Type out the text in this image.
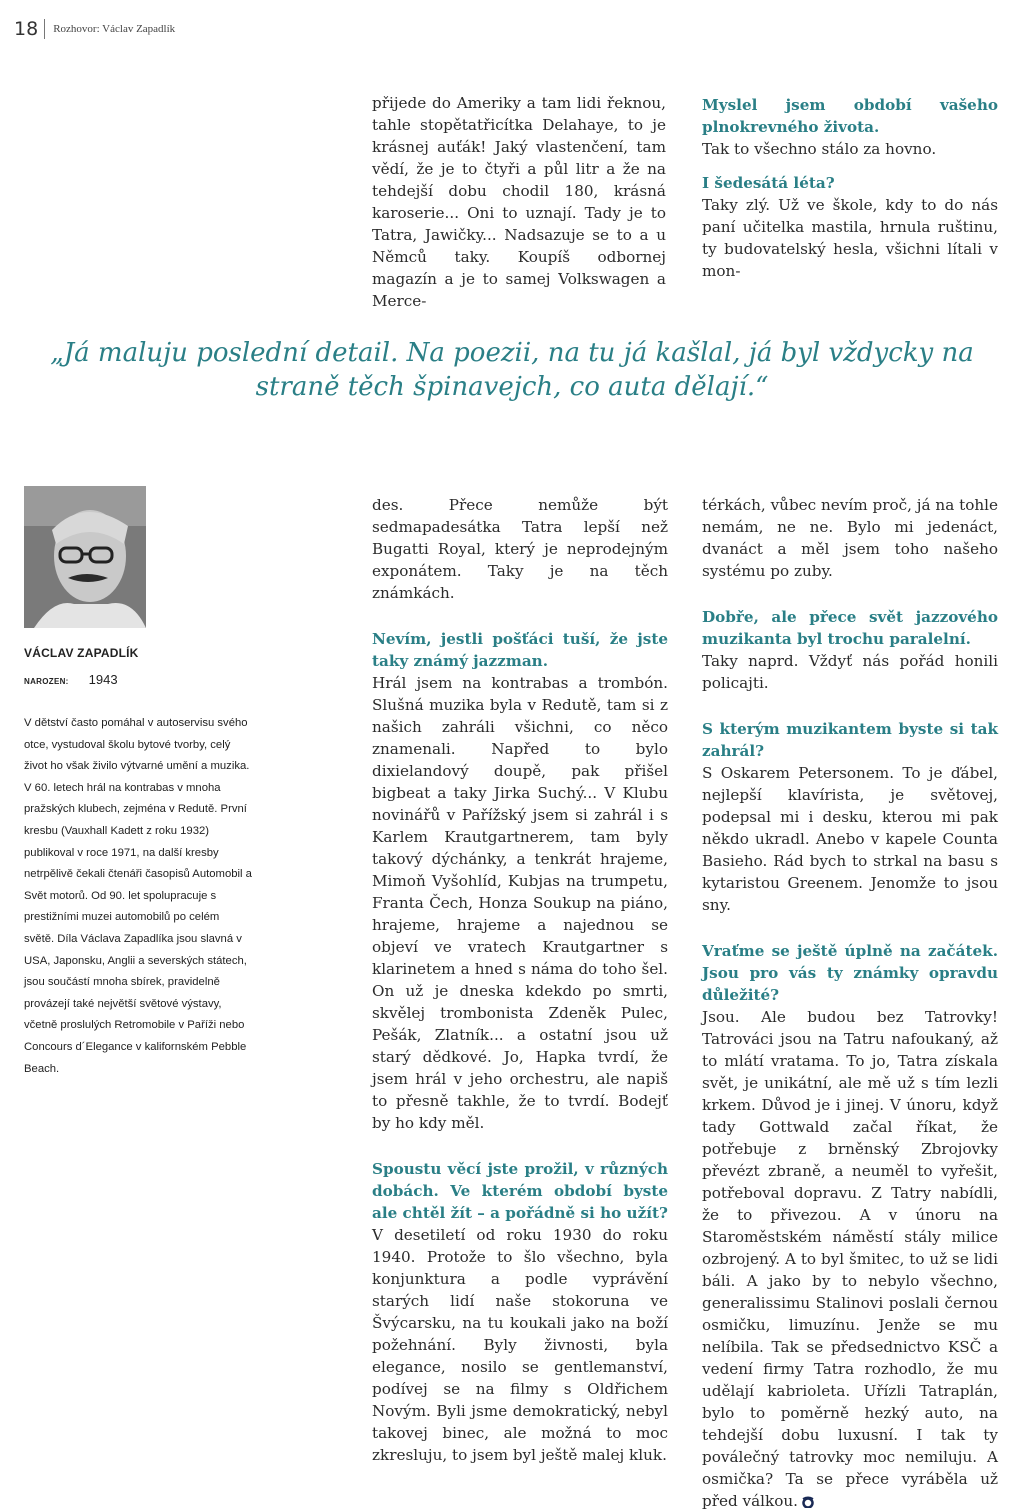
18 Rozhovor: Václav Zapadlík

přijede do Ameriky a tam lidi řeknou, tahle stopětatřicítka Delahaye, to je krásnej auťák! Jaký vlastenčení, tam vědí, že je to čtyři a půl litr a že na tehdejší dobu chodil 180, krásná karoserie... Oni to uznají. Tady je to Tatra, Jawičky... Nadsazuje se to a u Němců taky. Koupíš odbornej magazín a je to samej Volkswagen a Merce-

Myslel jsem období vašeho plnokrevného života.
Tak to všechno stálo za hovno.

I šedesátá léta?
Taky zlý. Už ve škole, kdy to do nás paní učitelka mastila, hrnula ruštinu, ty budovatelský hesla, všichni lítali v mon-

„Já maluju poslední detail. Na poezii, na tu já kašlal, já byl vždycky na straně těch špinavejch, co auta dělají.“
VÁCLAV ZAPADLÍK
NAROZEN: 1943
V dětství často pomáhal v autoservisu svého otce, vystudoval školu bytové tvorby, celý život ho však živilo výtvarné umění a muzika. V 60. letech hrál na kontrabas v mnoha pražských klubech, zejména v Redutě. První kresbu (Vauxhall Kadett z roku 1932) publikoval v roce 1971, na další kresby netrpělivě čekali čtenáři časopisů Automobil a Svět motorů. Od 90. let spolupracuje s prestižními muzei automobilů po celém světě. Díla Václava Zapadlíka jsou slavná v USA, Japonsku, Anglii a severských státech, jsou součástí mnoha sbírek, pravidelně provázejí také největší světové výstavy, včetně proslulých Retromobile v Paříži nebo Concours d´Elegance v kalifornském Pebble Beach.

des. Přece nemůže být sedmapadesátka Tatra lepší než Bugatti Royal, který je neprodejným exponátem. Taky je na těch známkách.

Nevím, jestli pošťáci tuší, že jste taky známý jazzman.
Hrál jsem na kontrabas a trombón. Slušná muzika byla v Redutě, tam si z našich zahráli všichni, co něco znamenali. Napřed to bylo dixielandový doupě, pak přišel bigbeat a taky Jirka Suchý... V Klubu novinářů v Pařížský jsem si zahrál i s Karlem Krautgartnerem, tam byly takový dýchánky, a tenkrát hrajeme, Mimoň Vyšohlíd, Kubjas na trumpetu, Franta Čech, Honza Soukup na piáno, hrajeme, hrajeme a najednou se objeví ve vratech Krautgartner s klarinetem a hned s náma do toho šel. On už je dneska kdekdo po smrti, skvělej trombonista Zdeněk Pulec, Pešák, Zlatník... a ostatní jsou už starý dědkové. Jo, Hapka tvrdí, že jsem hrál v jeho orchestru, ale napiš to přesně takhle, že to tvrdí. Bodejť by ho kdy měl.

Spoustu věcí jste prožil, v různých dobách. Ve kterém období byste ale chtěl žít – a pořádně si ho užít?
V desetiletí od roku 1930 do roku 1940. Protože to šlo všechno, byla konjunktura a podle vyprávění starých lidí naše stokoruna ve Švýcarsku, na tu koukali jako na boží požehnání. Byly živnosti, byla elegance, nosilo se gentlemanství, podívej se na filmy s Oldřichem Novým. Byli jsme demokratický, nebyl takovej binec, ale možná to moc zkresluju, to jsem byl ještě malej kluk.

térkách, vůbec nevím proč, já na tohle nemám, ne ne. Bylo mi jedenáct, dvanáct a měl jsem toho našeho systému po zuby.

Dobře, ale přece svět jazzového muzikanta byl trochu paralelní.
Taky naprd. Vždyť nás pořád honili policajti.

S kterým muzikantem byste si tak zahrál?
S Oskarem Petersonem. To je ďábel, nejlepší klavírista, je světovej, podepsal mi i desku, kterou mi pak někdo ukradl. Anebo v kapele Counta Basieho. Rád bych to strkal na basu s kytaristou Greenem. Jenomže to jsou sny.

Vraťme se ještě úplně na začátek. Jsou pro vás ty známky opravdu důležité?
Jsou. Ale budou bez Tatrovky! Tatrováci jsou na Tatru nafoukaný, až to mlátí vratama. To jo, Tatra získala svět, je unikátní, ale mě už s tím lezli krkem. Důvod je i jinej. V únoru, když tady Gottwald začal říkat, že potřebuje z brněnský Zbrojovky převézt zbraně, a neuměl to vyřešit, potřeboval dopravu. Z Tatry nabídli, že to přivezou. A v únoru na Staroměstském náměstí stály milice ozbrojený. A to byl šmitec, to už se lidi báli. A jako by to nebylo všechno, generalissimu Stalinovi poslali černou osmičku, limuzínu. Jenže se mu nelíbila. Tak se předsednictvo KSČ a vedení firmy Tatra rozhodlo, že mu udělají kabrioleta. Uřízli Tatraplán, bylo to poměrně hezký auto, na tehdejší dobu luxusní. I tak ty poválečný tatrovky moc nemiluju. A osmička? Ta se přece vyráběla už před válkou.
